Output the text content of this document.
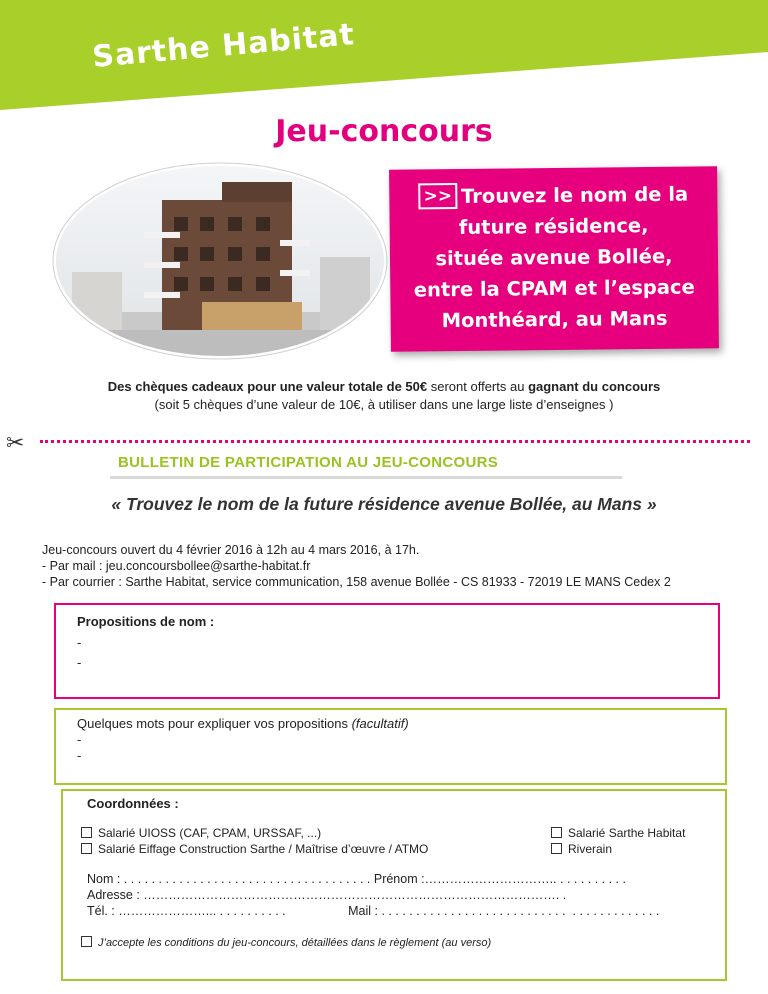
Sarthe Habitat
Jeu-concours
>> Trouvez le nom de la
future résidence,
située avenue Bollée,
entre la CPAM et l’espace
Monthéard, au Mans
Des chèques cadeaux pour une valeur totale de 50€ seront offerts au gagnant du concours
(soit 5 chèques d’une valeur de 10€, à utiliser dans une large liste d’enseignes )
✂
BULLETIN DE PARTICIPATION AU JEU-CONCOURS
« Trouvez le nom de la future résidence avenue Bollée, au Mans »
Jeu-concours ouvert du 4 février 2016 à 12h au 4 mars 2016, à 17h.
- Par mail : jeu.concoursbollee@sarthe-habitat.fr
- Par courrier : Sarthe Habitat, service communication, 158 avenue Bollée - CS 81933 - 72019 LE MANS Cedex 2
Propositions de nom :
-
-
Quelques mots pour expliquer vos propositions (facultatif)
-
-
Coordonnées :
Salarié UIOSS (CAF, CPAM, URSSAF, ...)
Salarié Eiffage Construction Sarthe / Maîtrise d’œuvre / ATMO
Salarié Sarthe Habitat
Riverain
Nom : . . . . . . . . . . . . . . . . . . . . . . . . . . . . . . . . . . . . Prénom :………………………….. . . . . . . . . . .
Adresse : ………………………………………………………………………………………. .
Tél. : …………………... . . . . . . . . . .                  Mail : . . . . . . . . . . . . . . . . . . . . . . . . . . .  . . . . . . . . . . . . .
J’accepte les conditions du jeu-concours, détaillées dans le règlement (au verso)
